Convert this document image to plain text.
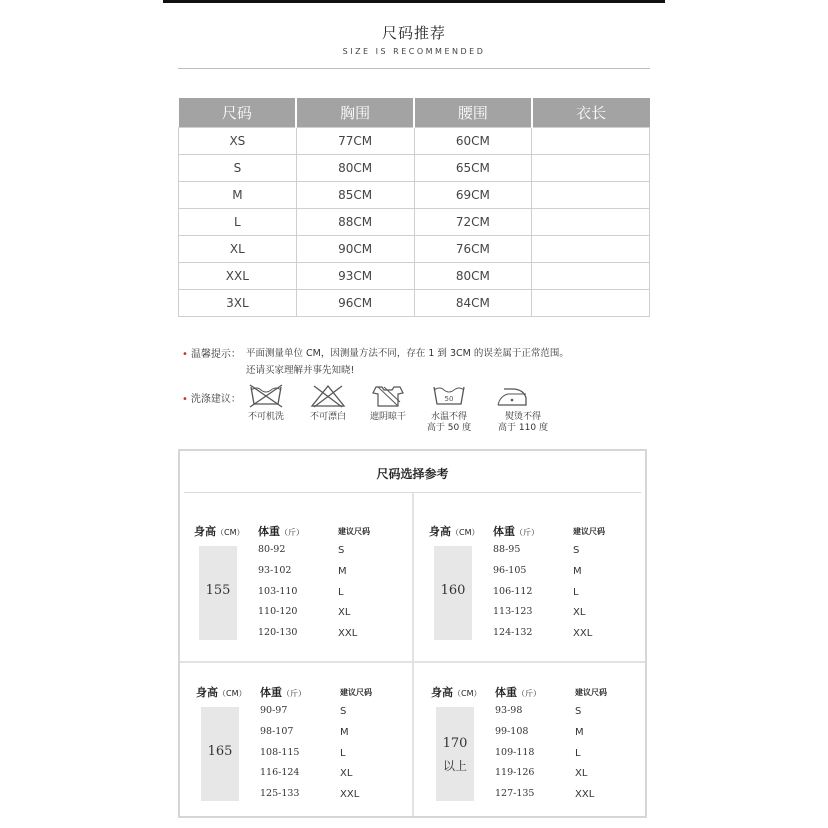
尺码推荐
SIZE IS RECOMMENDED
尺码	胸围	腰围	衣长
XS	77CM	60CM	
S	80CM	65CM	
M	85CM	69CM	
L	88CM	72CM	
XL	90CM	76CM	
XXL	93CM	80CM	
3XL	96CM	84CM	
• 温馨提示： 平面测量单位 CM，因测量方法不同，存在 1 到 3CM 的误差属于正常范围。
还请买家理解并事先知晓!
• 洗涤建议：	50
不可机洗	不可漂白	遮阴晾干	水温不得
高于 50 度
熨烫不得
高于 110 度
尺码选择参考
身高（CM） 体重（斤）	建议尺码
155
80-92	S
93-102	M
103-110	L
110-120	XL
120-130	XXL
身高（CM） 体重（斤）	建议尺码
160
88-95	S
96-105	M
106-112	L
113-123	XL
124-132	XXL
身高（CM） 体重（斤）	建议尺码
165
90-97	S
98-107	M
108-115	L
116-124	XL
125-133	XXL
身高（CM） 体重（斤）	建议尺码
170
以上
93-98	S
99-108	M
109-118	L
119-126	XL
127-135	XXL
